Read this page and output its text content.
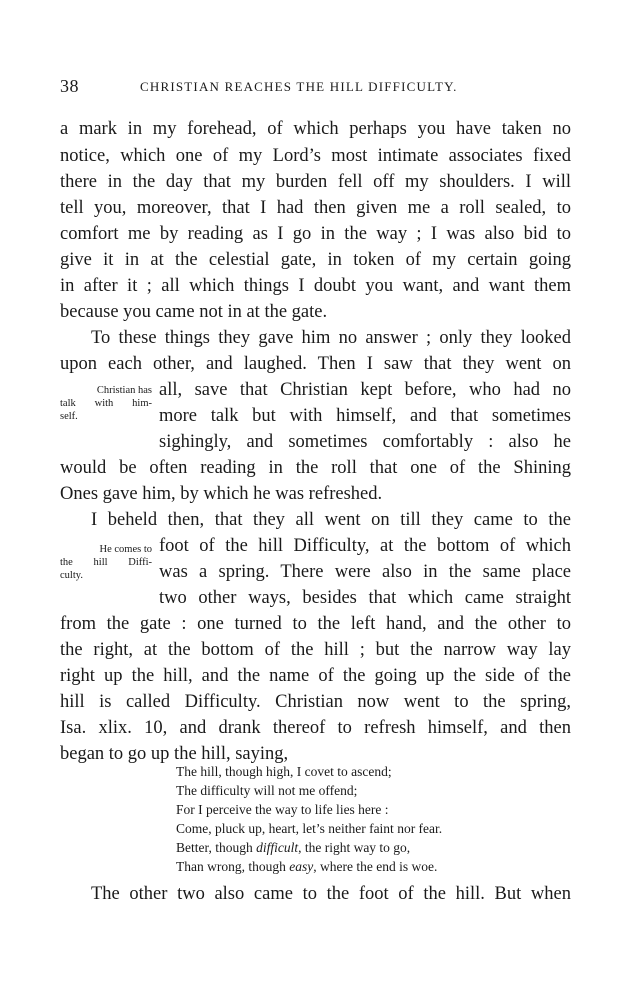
38	CHRISTIAN REACHES THE HILL DIFFICULTY.
a mark in my forehead, of which perhaps you have taken no
notice, which one of my Lord’s most intimate associates fixed
there in the day that my burden fell off my shoulders. I will
tell you, moreover, that I had then given me a roll sealed, to
comfort me by reading as I go in the way ; I was also bid to
give it in at the celestial gate, in token of my certain going
in after it ; all which things I doubt you want, and want them
because you came not in at the gate.
To these things they gave him no answer ; only they looked
upon each other, and laughed. Then I saw that they went on
all, save that Christian kept before, who had no
more talk but with himself, and that sometimes
sighingly, and sometimes comfortably : also he
would be often reading in the roll that one of the Shining
Ones gave him, by which he was refreshed.
Christian has
talk with him-
self.
I beheld then, that they all went on till they came to the
foot of the hill Difficulty, at the bottom of which
was a spring. There were also in the same place
two other ways, besides that which came straight
from the gate : one turned to the left hand, and the other to
the right, at the bottom of the hill ; but the narrow way lay
right up the hill, and the name of the going up the side of the
hill is called Difficulty. Christian now went to the spring,
Isa. xlix. 10, and drank thereof to refresh himself, and then
began to go up the hill, saying,
He comes to
the hill Diffi-
culty.
The hill, though high, I covet to ascend;
The difficulty will not me offend;
For I perceive the way to life lies here :
Come, pluck up, heart, let’s neither faint nor fear.
Better, though difficult, the right way to go,
Than wrong, though easy, where the end is woe.
The other two also came to the foot of the hill. But when
